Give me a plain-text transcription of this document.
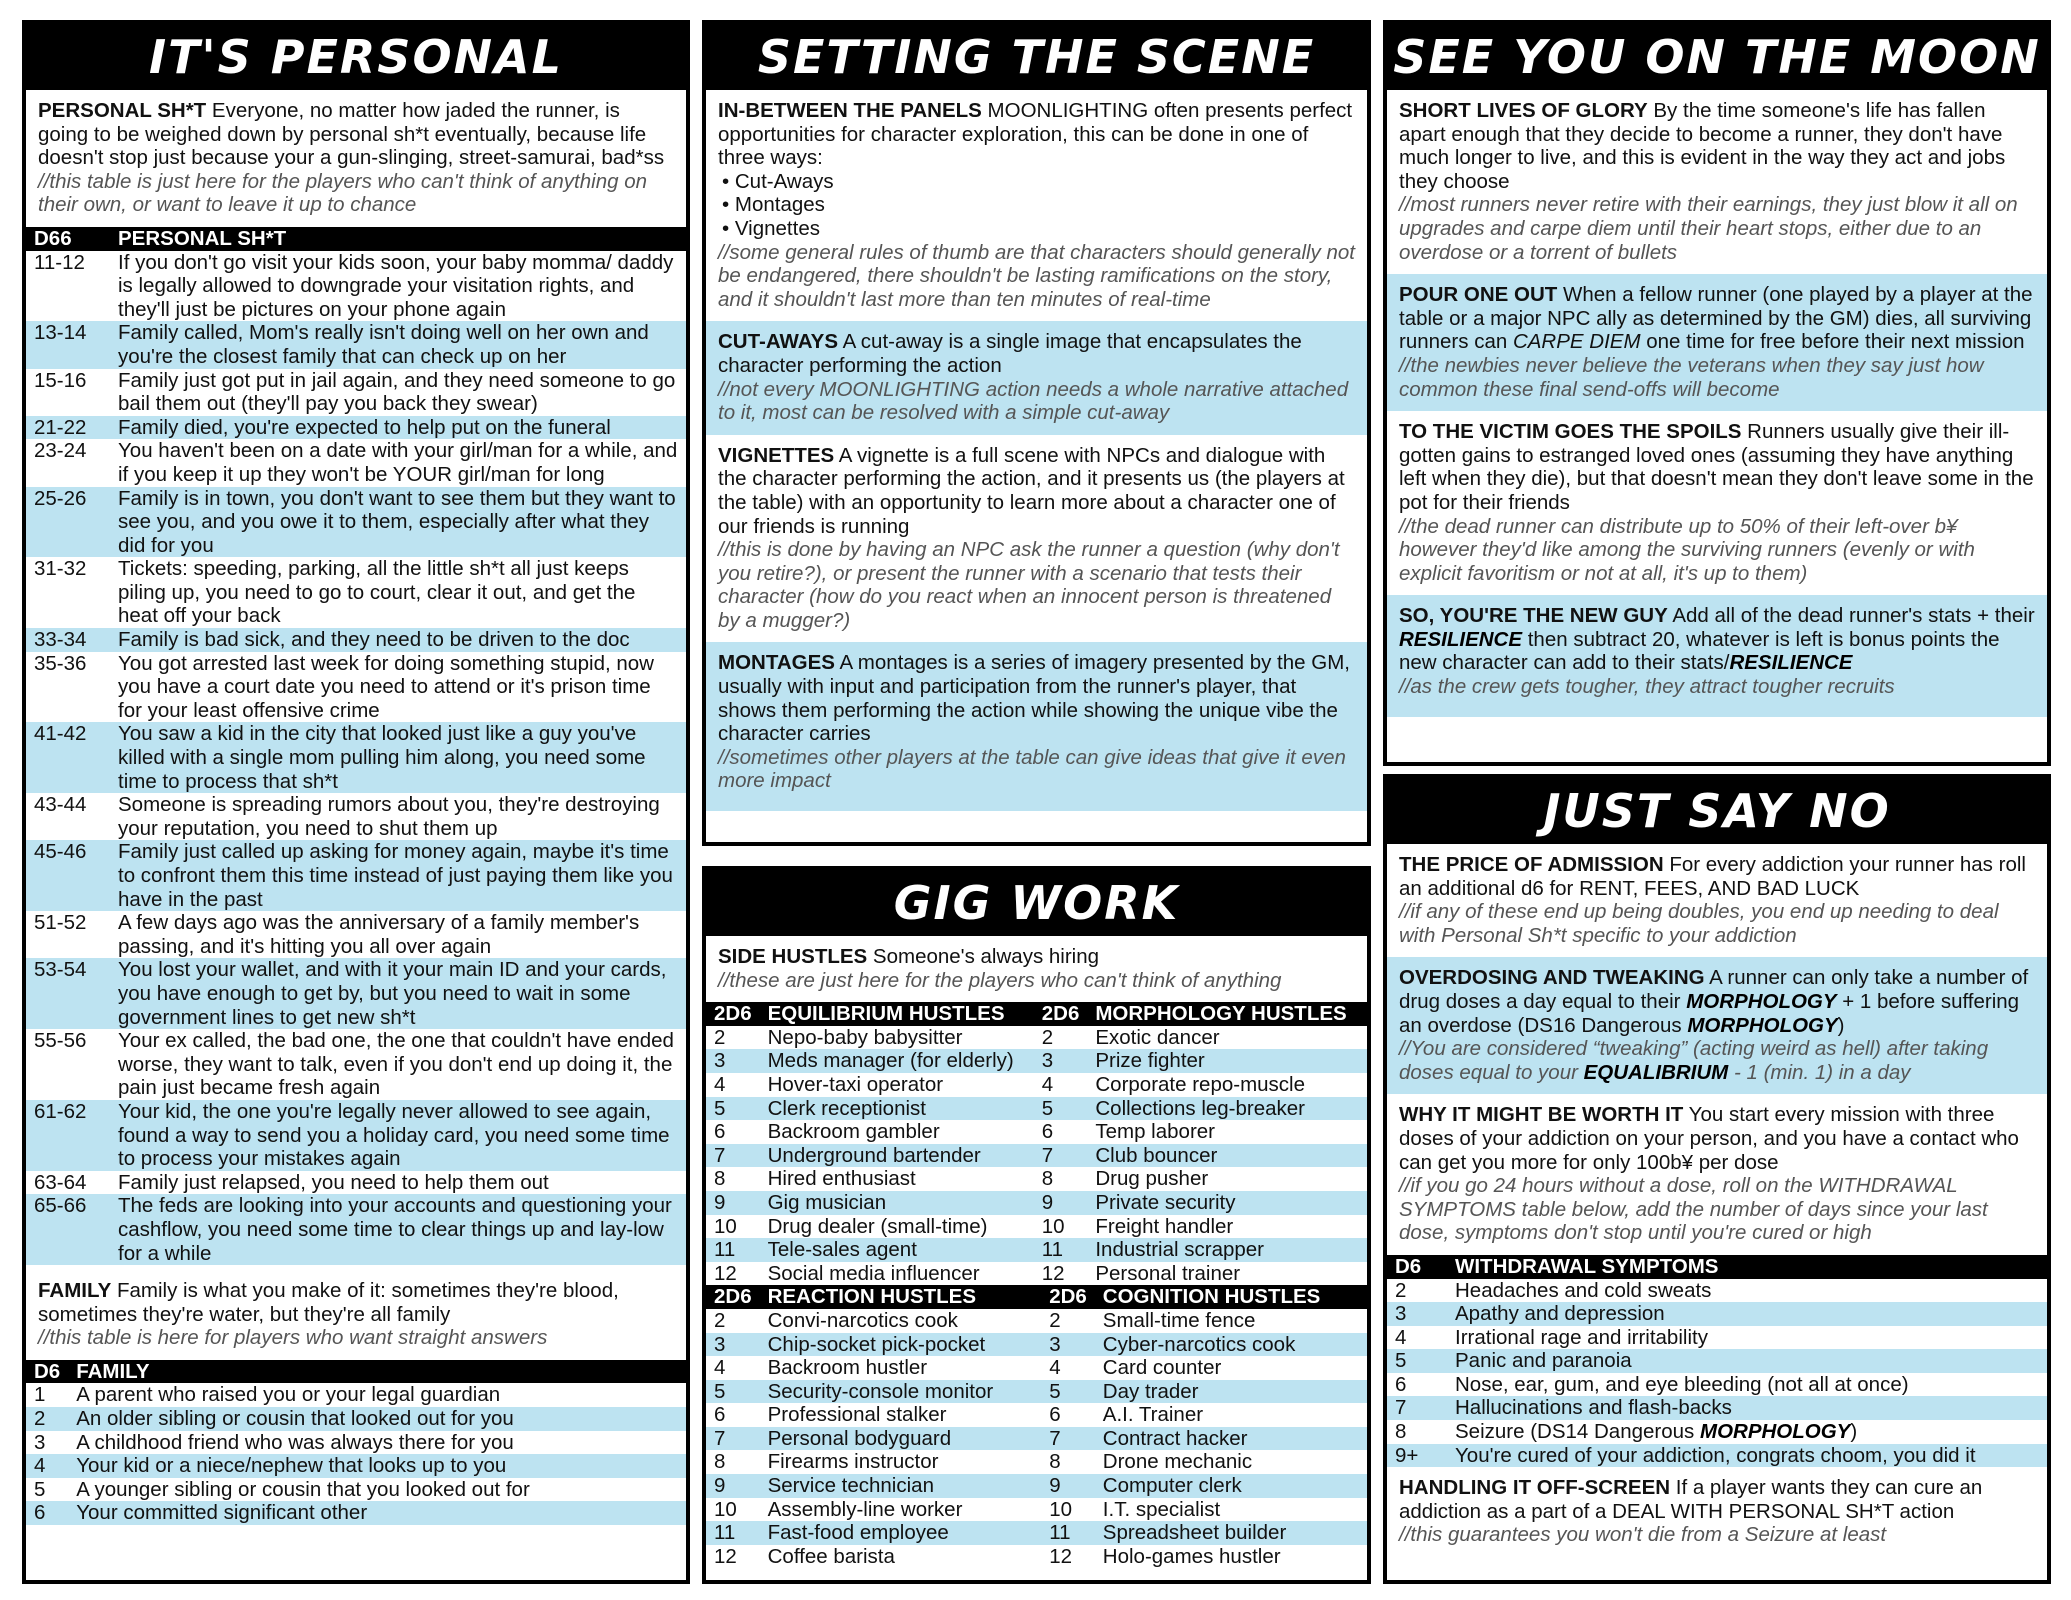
IT'S PERSONAL
PERSONAL SH*T Everyone, no matter how jaded the runner, is going to be weighed down by personal sh*t eventually, because life doesn't stop just because your a gun-slinging, street-samurai, bad*ss
//this table is just here for the players who can't think of anything on their own, or want to leave it up to chance
D66	PERSONAL SH*T
11-12	If you don't go visit your kids soon, your baby momma/ daddy is legally allowed to downgrade your visitation rights, and they'll just be pictures on your phone again
13-14	Family called, Mom's really isn't doing well on her own and you're the closest family that can check up on her
15-16	Family just got put in jail again, and they need someone to go bail them out (they'll pay you back they swear)
21-22	Family died, you're expected to help put on the funeral
23-24	You haven't been on a date with your girl/man for a while, and if you keep it up they won't be YOUR girl/man for long
25-26	Family is in town, you don't want to see them but they want to see you, and you owe it to them, especially after what they did for you
31-32	Tickets: speeding, parking, all the little sh*t all just keeps piling up, you need to go to court, clear it out, and get the heat off your back
33-34	Family is bad sick, and they need to be driven to the doc
35-36	You got arrested last week for doing something stupid, now you have a court date you need to attend or it's prison time for your least offensive crime
41-42	You saw a kid in the city that looked just like a guy you've killed with a single mom pulling him along, you need some time to process that sh*t
43-44	Someone is spreading rumors about you, they're destroying your reputation, you need to shut them up
45-46	Family just called up asking for money again, maybe it's time to confront them this time instead of just paying them like you have in the past
51-52	A few days ago was the anniversary of a family member's passing, and it's hitting you all over again
53-54	You lost your wallet, and with it your main ID and your cards, you have enough to get by, but you need to wait in some government lines to get new sh*t
55-56	Your ex called, the bad one, the one that couldn't have ended worse, they want to talk, even if you don't end up doing it, the pain just became fresh again
61-62	Your kid, the one you're legally never allowed to see again, found a way to send you a holiday card, you need some time to process your mistakes again
63-64	Family just relapsed, you need to help them out
65-66	The feds are looking into your accounts and questioning your cashflow, you need some time to clear things up and lay-low for a while
FAMILY Family is what you make of it: sometimes they're blood, sometimes they're water, but they're all family
//this table is here for players who want straight answers
D6	FAMILY
1	A parent who raised you or your legal guardian
2	An older sibling or cousin that looked out for you
3	A childhood friend who was always there for you
4	Your kid or a niece/nephew that looks up to you
5	A younger sibling or cousin that you looked out for
6	Your committed significant other
SETTING THE SCENE
IN-BETWEEN THE PANELS MOONLIGHTING often presents perfect opportunities for character exploration, this can be done in one of three ways:
• Cut-Aways
• Montages
• Vignettes
//some general rules of thumb are that characters should generally not be endangered, there shouldn't be lasting ramifications on the story, and it shouldn't last more than ten minutes of real-time
CUT-AWAYS A cut-away is a single image that encapsulates the character performing the action
//not every MOONLIGHTING action needs a whole narrative attached to it, most can be resolved with a simple cut-away
VIGNETTES A vignette is a full scene with NPCs and dialogue with the character performing the action, and it presents us (the players at the table) with an opportunity to learn more about a character one of our friends is running
//this is done by having an NPC ask the runner a question (why don't you retire?), or present the runner with a scenario that tests their character (how do you react when an innocent person is threatened by a mugger?)
MONTAGES A montages is a series of imagery presented by the GM, usually with input and participation from the runner's player, that shows them performing the action while showing the unique vibe the character carries
//sometimes other players at the table can give ideas that give it even more impact
GIG WORK
SIDE HUSTLES Someone's always hiring
//these are just here for the players who can't think of anything
2D6	EQUILIBRIUM HUSTLES	2D6	MORPHOLOGY HUSTLES
2	Nepo-baby babysitter	2	Exotic dancer
3	Meds manager (for elderly)	3	Prize fighter
4	Hover-taxi operator	4	Corporate repo-muscle
5	Clerk receptionist	5	Collections leg-breaker
6	Backroom gambler	6	Temp laborer
7	Underground bartender	7	Club bouncer
8	Hired enthusiast	8	Drug pusher
9	Gig musician	9	Private security
10	Drug dealer (small-time)	10	Freight handler
11	Tele-sales agent	11	Industrial scrapper
12	Social media influencer	12	Personal trainer
2D6	REACTION HUSTLES	2D6	COGNITION HUSTLES
2	Convi-narcotics cook	2	Small-time fence
3	Chip-socket pick-pocket	3	Cyber-narcotics cook
4	Backroom hustler	4	Card counter
5	Security-console monitor	5	Day trader
6	Professional stalker	6	A.I. Trainer
7	Personal bodyguard	7	Contract hacker
8	Firearms instructor	8	Drone mechanic
9	Service technician	9	Computer clerk
10	Assembly-line worker	10	I.T. specialist
11	Fast-food employee	11	Spreadsheet builder
12	Coffee barista	12	Holo-games hustler
SEE YOU ON THE MOON
SHORT LIVES OF GLORY By the time someone's life has fallen apart enough that they decide to become a runner, they don't have much longer to live, and this is evident in the way they act and jobs they choose
//most runners never retire with their earnings, they just blow it all on upgrades and carpe diem until their heart stops, either due to an overdose or a torrent of bullets
POUR ONE OUT When a fellow runner (one played by a player at the table or a major NPC ally as determined by the GM) dies, all surviving runners can CARPE DIEM one time for free before their next mission
//the newbies never believe the veterans when they say just how common these final send-offs will become
TO THE VICTIM GOES THE SPOILS Runners usually give their ill-gotten gains to estranged loved ones (assuming they have anything left when they die), but that doesn't mean they don't leave some in the pot for their friends
//the dead runner can distribute up to 50% of their left-over b¥ however they'd like among the surviving runners (evenly or with explicit favoritism or not at all, it's up to them)
SO, YOU'RE THE NEW GUY Add all of the dead runner's stats + their RESILIENCE then subtract 20, whatever is left is bonus points the new character can add to their stats/RESILIENCE
//as the crew gets tougher, they attract tougher recruits
JUST SAY NO
THE PRICE OF ADMISSION For every addiction your runner has roll an additional d6 for RENT, FEES, AND BAD LUCK
//if any of these end up being doubles, you end up needing to deal with Personal Sh*t specific to your addiction
OVERDOSING AND TWEAKING A runner can only take a number of drug doses a day equal to their MORPHOLOGY + 1 before suffering an overdose (DS16 Dangerous MORPHOLOGY)
//You are considered “tweaking” (acting weird as hell) after taking doses equal to your EQUALIBRIUM - 1 (min. 1) in a day
WHY IT MIGHT BE WORTH IT You start every mission with three doses of your addiction on your person, and you have a contact who can get you more for only 100b¥ per dose
//if you go 24 hours without a dose, roll on the WITHDRAWAL SYMPTOMS table below, add the number of days since your last dose, symptoms don't stop until you're cured or high
D6	WITHDRAWAL SYMPTOMS
2	Headaches and cold sweats
3	Apathy and depression
4	Irrational rage and irritability
5	Panic and paranoia
6	Nose, ear, gum, and eye bleeding (not all at once)
7	Hallucinations and flash-backs
8	Seizure (DS14 Dangerous MORPHOLOGY)
9+	You're cured of your addiction, congrats choom, you did it
HANDLING IT OFF-SCREEN If a player wants they can cure an addiction as a part of a DEAL WITH PERSONAL SH*T action
//this guarantees you won't die from a Seizure at least
